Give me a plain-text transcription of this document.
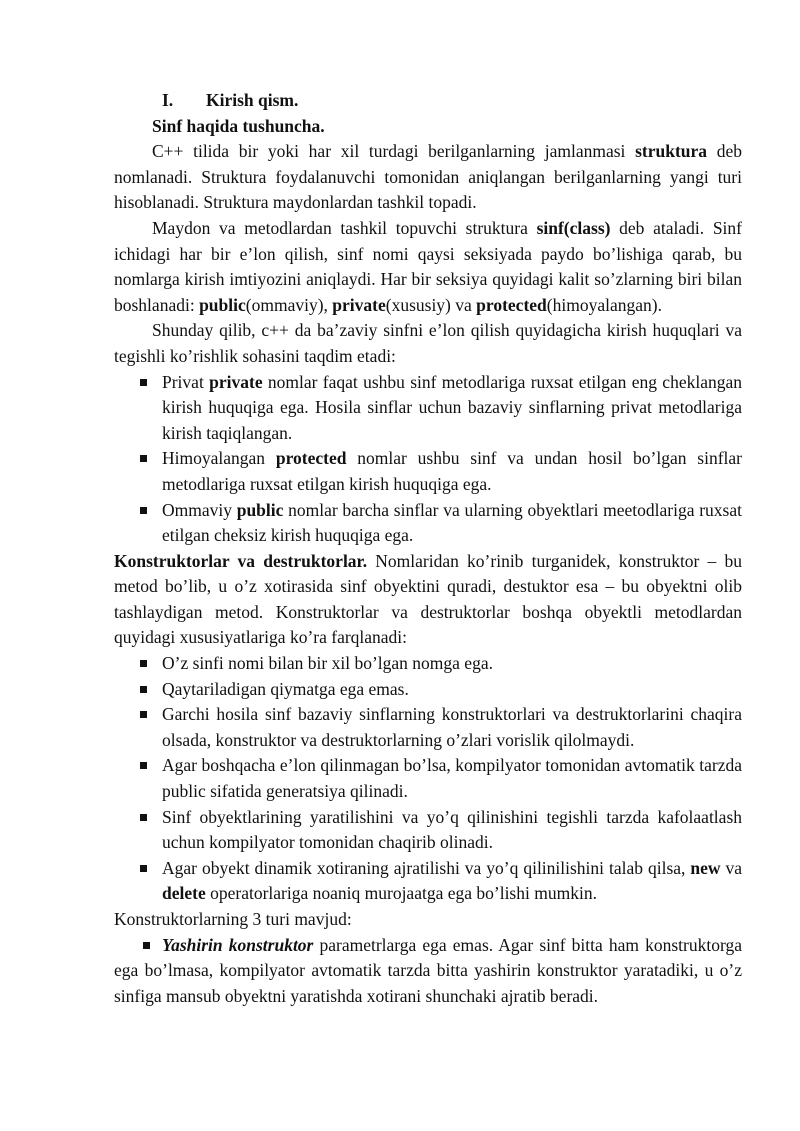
I. Kirish qism.
Sinf haqida tushuncha.

C++ tilida bir yoki har xil turdagi berilganlarning jamlanmasi struktura deb nomlanadi. Struktura foydalanuvchi tomonidan aniqlangan berilganlarning yangi turi hisoblanadi. Struktura maydonlardan tashkil topadi.

Maydon va metodlardan tashkil topuvchi struktura sinf(class) deb ataladi. Sinf ichidagi har bir e’lon qilish, sinf nomi qaysi seksiyada paydo bo’lishiga qarab, bu nomlarga kirish imtiyozini aniqlaydi. Har bir seksiya quyidagi kalit so’zlarning biri bilan boshlanadi: public(ommaviy), private(xususiy) va protected(himoyalangan).

Shunday qilib, c++ da ba’zaviy sinfni e’lon qilish quyidagicha kirish huquqlari va tegishli ko’rishlik sohasini taqdim etadi:

Privat private nomlar faqat ushbu sinf metodlariga ruxsat etilgan eng cheklangan kirish huquqiga ega. Hosila sinflar uchun bazaviy sinflarning privat metodlariga kirish taqiqlangan.
Himoyalangan protected nomlar ushbu sinf va undan hosil bo’lgan sinflar metodlariga ruxsat etilgan kirish huquqiga ega.
Ommaviy public nomlar barcha sinflar va ularning obyektlari meetodlariga ruxsat etilgan cheksiz kirish huquqiga ega.

Konstruktorlar va destruktorlar. Nomlaridan ko’rinib turganidek, konstruktor – bu metod bo’lib, u o’z xotirasida sinf obyektini quradi, destuktor esa – bu obyektni olib tashlaydigan metod. Konstruktorlar va destruktorlar boshqa obyektli metodlardan quyidagi xususiyatlariga ko’ra farqlanadi:

O’z sinfi nomi bilan bir xil bo’lgan nomga ega.
Qaytariladigan qiymatga ega emas.
Garchi hosila sinf bazaviy sinflarning konstruktorlari va destruktorlarini chaqira olsada, konstruktor va destruktorlarning o’zlari vorislik qilolmaydi.
Agar boshqacha e’lon qilinmagan bo’lsa, kompilyator tomonidan avtomatik tarzda public sifatida generatsiya qilinadi.
Sinf obyektlarining yaratilishini va yo’q qilinishini tegishli tarzda kafolaatlash uchun kompilyator tomonidan chaqirib olinadi.
Agar obyekt dinamik xotiraning ajratilishi va yo’q qilinilishini talab qilsa, new va delete operatorlariga noaniq murojaatga ega bo’lishi mumkin.

Konstruktorlarning 3 turi mavjud:

Yashirin konstruktor parametrlarga ega emas. Agar sinf bitta ham konstruktorga ega bo’lmasa, kompilyator avtomatik tarzda bitta yashirin konstruktor yaratadiki, u o’z sinfiga mansub obyektni yaratishda xotirani shunchaki ajratib beradi.
